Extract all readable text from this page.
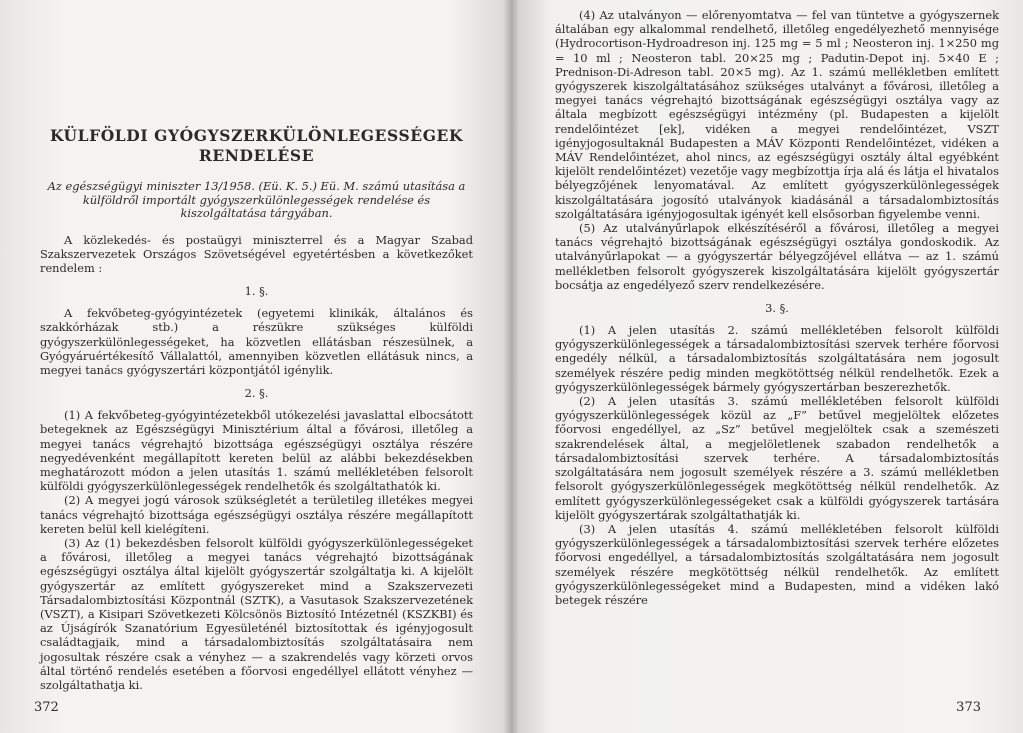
KÜLFÖLDI GYÓGYSZERKÜLÖNLEGESSÉGEK
RENDELÉSE

Az egészségügyi miniszter 13/1958. (Eü. K. 5.) Eü. M. számú utasítása a külföldről importált gyógyszerkülönlegességek rendelése és kiszolgáltatása tárgyában.

A közlekedés- és postaügyi miniszterrel és a Magyar Szabad Szakszervezetek Országos Szövetségével egyetértésben a következőket rendelem :

1. §.

A fekvőbeteg-gyógyintézetek (egyetemi klinikák, általános és szakkórházak stb.) a részükre szükséges külföldi gyógyszerkülönlegességeket, ha közvetlen ellátásban részesülnek, a Gyógyáruértékesítő Vállalattól, amennyiben közvetlen ellátásuk nincs, a megyei tanács gyógyszertári központjától igénylik.

2. §.

(1) A fekvőbeteg-gyógyintézetekből utókezelési javaslattal elbocsátott betegeknek az Egészségügyi Minisztérium által a fővárosi, illetőleg a megyei tanács végrehajtó bizottsága egészségügyi osztálya részére negyedévenként megállapított kereten belül az alábbi bekezdésekben meghatározott módon a jelen utasítás 1. számú mellékletében felsorolt külföldi gyógyszerkülönlegességek rendelhetők és szolgáltathatók ki.

(2) A megyei jogú városok szükségletét a területileg illetékes megyei tanács végrehajtó bizottsága egészségügyi osztálya részére megállapított kereten belül kell kielégíteni.

(3) Az (1) bekezdésben felsorolt külföldi gyógyszerkülönlegességeket a fővárosi, illetőleg a megyei tanács végrehajtó bizottságának egészségügyi osztálya által kijelölt gyógyszertár szolgáltatja ki. A kijelölt gyógyszertár az említett gyógyszereket mind a Szakszervezeti Társadalombiztosítási Központnál (SZTK), a Vasutasok Szakszervezetének (VSZT), a Kisipari Szövetkezeti Kölcsönös Biztosító Intézetnél (KSZKBI) és az Újságírók Szanatórium Egyesületénél biztosítottak és igényjogosult családtagjaik, mind a társadalombiztosítás szolgáltatásaira nem jogosultak részére csak a vényhez — a szakrendelés vagy körzeti orvos által történő rendelés esetében a főorvosi engedéllyel ellátott vényhez — szolgáltathatja ki.

372

(4) Az utalványon — előrenyomtatva — fel van tüntetve a gyógyszernek általában egy alkalommal rendelhető, illetőleg engedélyezhető mennyisége (Hydrocortison-Hydroadreson inj. 125 mg = 5 ml ; Neosteron inj. 1×250 mg = 10 ml ; Neosteron tabl. 20×25 mg ; Padutin-Depot inj. 5×40 E ; Prednison-Di-Adreson tabl. 20×5 mg). Az 1. számú mellékletben említett gyógyszerek kiszolgáltatásához szükséges utalványt a fővárosi, illetőleg a megyei tanács végrehajtó bizottságának egészségügyi osztálya vagy az általa megbízott egészségügyi intézmény (pl. Budapesten a kijelölt rendelőintézet [ek], vidéken a megyei rendelőintézet, VSZT igényjogosultaknál Budapesten a MÁV Központi Rendelőintézet, vidéken a MÁV Rendelőintézet, ahol nincs, az egészségügyi osztály által egyébként kijelölt rendelőintézet) vezetője vagy megbízottja írja alá és látja el hivatalos bélyegzőjének lenyomatával. Az említett gyógyszerkülönlegességek kiszolgáltatására jogosító utalványok kiadásánál a társadalombiztosítás szolgáltatására igényjogosultak igényét kell elsősorban figyelembe venni.

(5) Az utalványűrlapok elkészítéséről a fővárosi, illetőleg a megyei tanács végrehajtó bizottságának egészségügyi osztálya gondoskodik. Az utalványűrlapokat — a gyógyszertár bélyegzőjével ellátva — az 1. számú mellékletben felsorolt gyógyszerek kiszolgáltatására kijelölt gyógyszertár bocsátja az engedélyező szerv rendelkezésére.

3. §.

(1) A jelen utasítás 2. számú mellékletében felsorolt külföldi gyógyszerkülönlegességek a társadalombiztosítási szervek terhére főorvosi engedély nélkül, a társadalombiztosítás szolgáltatására nem jogosult személyek részére pedig minden megkötöttség nélkül rendelhetők. Ezek a gyógyszerkülönlegességek bármely gyógyszertárban beszerezhetők.

(2) A jelen utasítás 3. számú mellékletében felsorolt külföldi gyógyszerkülönlegességek közül az „F” betűvel megjelöltek előzetes főorvosi engedéllyel, az „Sz” betűvel megjelöltek csak a szemészeti szakrendelések által, a megjelöletlenek szabadon rendelhetők a társadalombiztosítási szervek terhére. A társadalombiztosítás szolgáltatására nem jogosult személyek részére a 3. számú mellékletben felsorolt gyógyszerkülönlegességek megkötöttség nélkül rendelhetők. Az említett gyógyszerkülönlegességeket csak a külföldi gyógyszerek tartására kijelölt gyógyszertárak szolgáltathatják ki.

(3) A jelen utasítás 4. számú mellékletében felsorolt külföldi gyógyszerkülönlegességek a társadalombiztosítási szervek terhére előzetes főorvosi engedéllyel, a társadalombiztosítás szolgáltatására nem jogosult személyek részére megkötöttség nélkül rendelhetők. Az említett gyógyszerkülönlegességeket mind a Budapesten, mind a vidéken lakó betegek részére

373
